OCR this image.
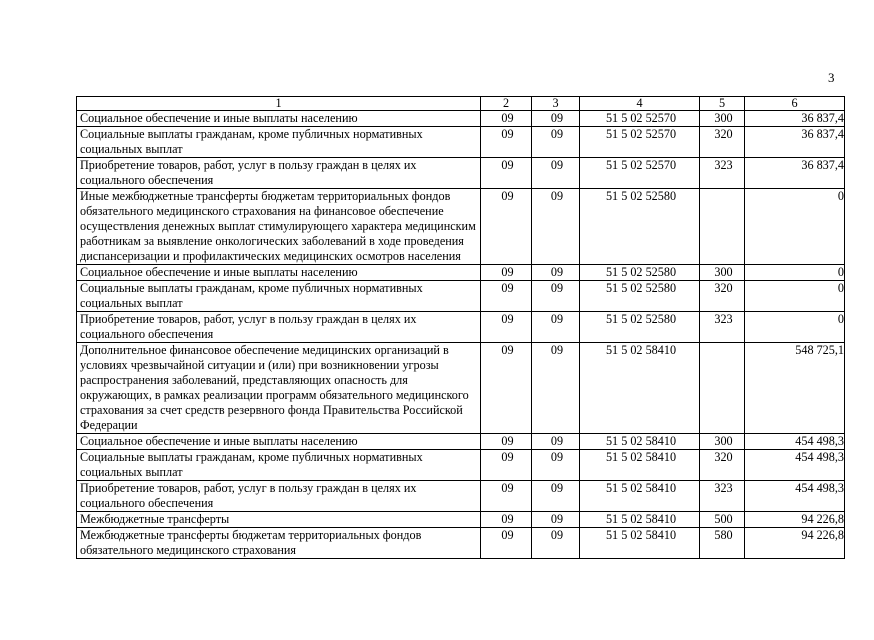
3
1	2	3	4	5	6
Социальное обеспечение и иные выплаты населению	09	09	51 5 02 52570	300	36 837,4
Социальные выплаты гражданам, кроме публичных нормативных социальных выплат	09	09	51 5 02 52570	320	36 837,4
Приобретение товаров, работ, услуг в пользу граждан в целях их социального обеспечения	09	09	51 5 02 52570	323	36 837,4
Иные межбюджетные трансферты бюджетам территориальных фондов обязательного медицинского страхования на финансовое обеспечение осуществления денежных выплат стимулирующего характера медицинским работникам за выявление онкологических заболеваний в ходе проведения диспансеризации и профилактических медицинских осмотров населения	09	09	51 5 02 52580		0
Социальное обеспечение и иные выплаты населению	09	09	51 5 02 52580	300	0
Социальные выплаты гражданам, кроме публичных нормативных социальных выплат	09	09	51 5 02 52580	320	0
Приобретение товаров, работ, услуг в пользу граждан в целях их социального обеспечения	09	09	51 5 02 52580	323	0
Дополнительное финансовое обеспечение медицинских организаций в условиях чрезвычайной ситуации и (или) при возникновении угрозы распространения заболеваний, представляющих опасность для окружающих, в рамках реализации программ обязательного медицинского страхования за счет средств резервного фонда Правительства Российской Федерации	09	09	51 5 02 58410		548 725,1
Социальное обеспечение и иные выплаты населению	09	09	51 5 02 58410	300	454 498,3
Социальные выплаты гражданам, кроме публичных нормативных социальных выплат	09	09	51 5 02 58410	320	454 498,3
Приобретение товаров, работ, услуг в пользу граждан в целях их социального обеспечения	09	09	51 5 02 58410	323	454 498,3
Межбюджетные трансферты	09	09	51 5 02 58410	500	94 226,8
Межбюджетные трансферты бюджетам территориальных фондов обязательного медицинского страхования	09	09	51 5 02 58410	580	94 226,8
